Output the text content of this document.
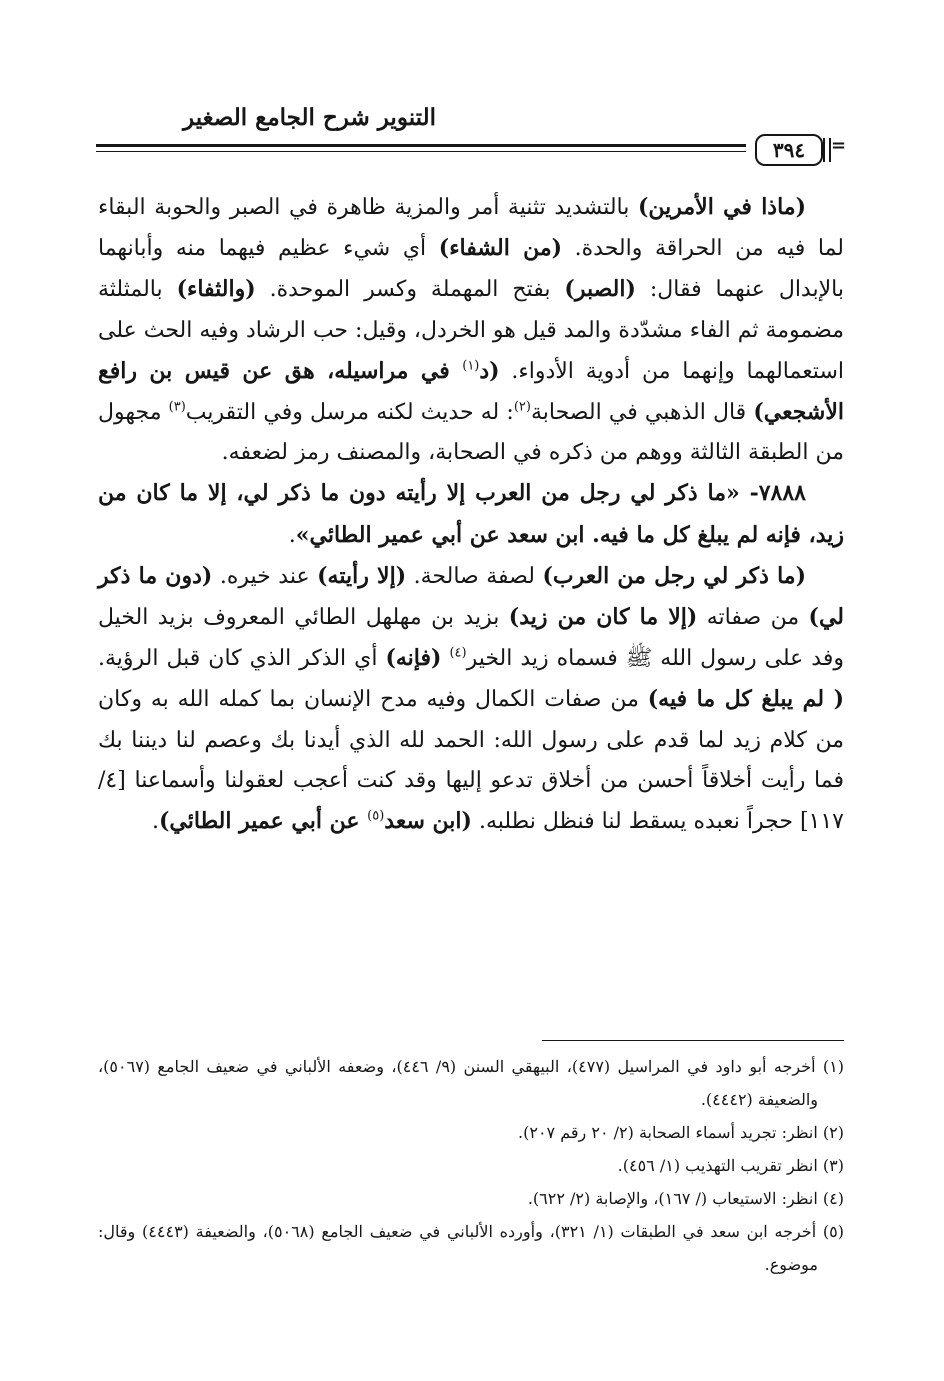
التنوير شرح الجامع الصغير
٣٩٤	=

(ماذا في الأمرين) بالتشديد تثنية أمر والمزية ظاهرة في الصبر والحوبة البقاء لما فيه من الحراقة والحدة. (من الشفاء) أي شيء عظيم فيهما منه وأبانهما بالإبدال عنهما فقال: (الصبر) بفتح المهملة وكسر الموحدة. (والثفاء) بالمثلثة مضمومة ثم الفاء مشدّدة والمد قيل هو الخردل، وقيل: حب الرشاد وفيه الحث على استعمالهما وإنهما من أدوية الأدواء. (د$^{(١)}$ في مراسيله، هق عن قيس بن رافع الأشجعي) قال الذهبي في الصحابة$^{(٢)}$: له حديث لكنه مرسل وفي التقريب$^{(٣)}$ مجهول من الطبقة الثالثة ووهم من ذكره في الصحابة، والمصنف رمز لضعفه.

٧٨٨٨- «ما ذكر لي رجل من العرب إلا رأيته دون ما ذكر لي، إلا ما كان من زيد، فإنه لم يبلغ كل ما فيه. ابن سعد عن أبي عمير الطائي».

(ما ذكر لي رجل من العرب) لصفة صالحة. (إلا رأيته) عند خيره. (دون ما ذكر لي) من صفاته (إلا ما كان من زيد) بزيد بن مهلهل الطائي المعروف بزيد الخيل وفد على رسول الله ﷺ فسماه زيد الخير$^{(٤)}$ (فإنه) أي الذكر الذي كان قبل الرؤية. ( لم يبلغ كل ما فيه) من صفات الكمال وفيه مدح الإنسان بما كمله الله به وكان من كلام زيد لما قدم على رسول الله: الحمد لله الذي أيدنا بك وعصم لنا ديننا بك فما رأيت أخلاقاً أحسن من أخلاق تدعو إليها وقد كنت أعجب لعقولنا وأسماعنا [٤/ ١١٧] حجراً نعبده يسقط لنا فنظل نطلبه. (ابن سعد$^{(٥)}$ عن أبي عمير الطائي).

(١) أخرجه أبو داود في المراسيل (٤٧٧)، البيهقي السنن (٩/ ٤٤٦)، وضعفه الألباني في ضعيف الجامع (٥٠٦٧)، والضعيفة (٤٤٤٢).

(٢) انظر: تجريد أسماء الصحابة (٢/ ٢٠ رقم ٢٠٧).

(٣) انظر تقريب التهذيب (١/ ٤٥٦).

(٤) انظر: الاستيعاب (/ ١٦٧)، والإصابة (٢/ ٦٢٢).

(٥) أخرجه ابن سعد في الطبقات (١/ ٣٢١)، وأورده الألباني في ضعيف الجامع (٥٠٦٨)، والضعيفة (٤٤٤٣) وقال: موضوع.
